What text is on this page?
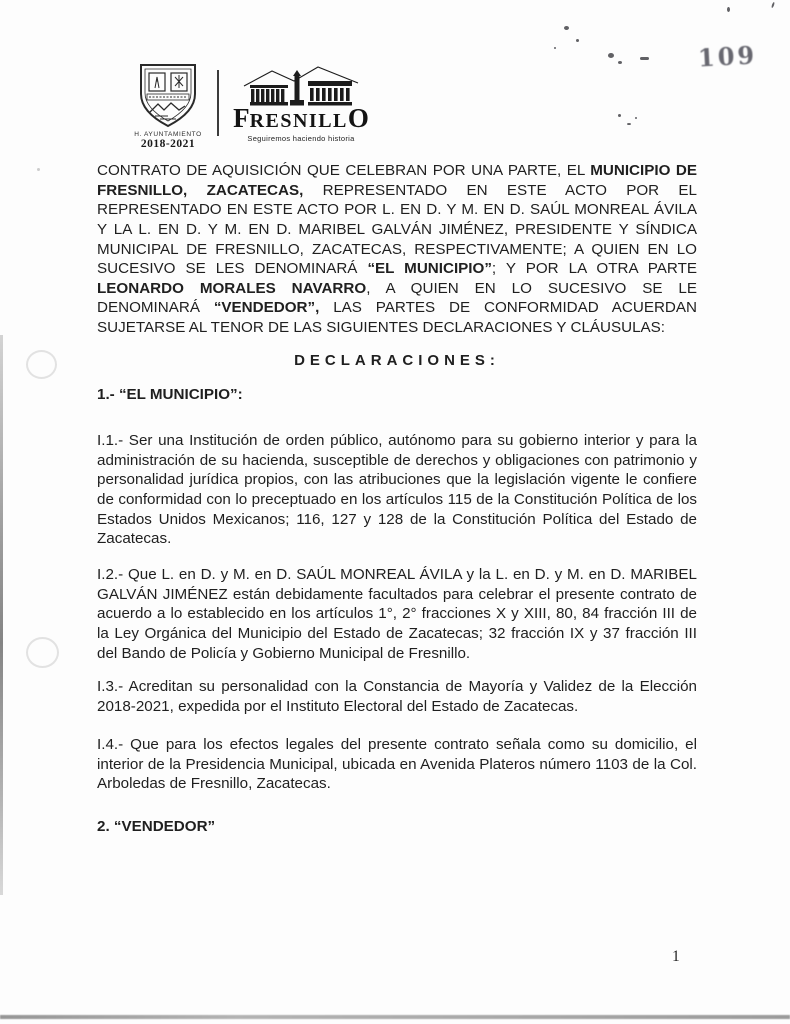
H. AYUNTAMIENTO
2018-2021
FRESNILLO
Seguiremos haciendo historia
109

CONTRATO DE AQUISICIÓN QUE CELEBRAN POR UNA PARTE, EL MUNICIPIO DE FRESNILLO, ZACATECAS, REPRESENTADO EN ESTE ACTO POR EL REPRESENTADO EN ESTE ACTO POR L. EN D. Y M. EN D. SAÚL MONREAL ÁVILA Y LA L. EN D. Y M. EN D. MARIBEL GALVÁN JIMÉNEZ, PRESIDENTE Y SÍNDICA MUNICIPAL DE FRESNILLO, ZACATECAS, RESPECTIVAMENTE; A QUIEN EN LO SUCESIVO SE LES DENOMINARÁ “EL MUNICIPIO”; Y POR LA OTRA PARTE LEONARDO MORALES NAVARRO, A QUIEN EN LO SUCESIVO SE LE DENOMINARÁ “VENDEDOR”, LAS PARTES DE CONFORMIDAD ACUERDAN SUJETARSE AL TENOR DE LAS SIGUIENTES DECLARACIONES Y CLÁUSULAS:

DECLARACIONES:
1.- “EL MUNICIPIO”:

I.1.- Ser una Institución de orden público, autónomo para su gobierno interior y para la administración de su hacienda, susceptible de derechos y obligaciones con patrimonio y personalidad jurídica propios, con las atribuciones que la legislación vigente le confiere de conformidad con lo preceptuado en los artículos 115 de la Constitución Política de los Estados Unidos Mexicanos; 116, 127 y 128 de la Constitución Política del Estado de Zacatecas.

I.2.- Que L. en D. y M. en D. SAÚL MONREAL ÁVILA y la L. en D. y M. en D. MARIBEL GALVÁN JIMÉNEZ están debidamente facultados para celebrar el presente contrato de acuerdo a lo establecido en los artículos 1°, 2° fracciones X y XIII, 80, 84 fracción III de la Ley Orgánica del Municipio del Estado de Zacatecas; 32 fracción IX y 37 fracción III del Bando de Policía y Gobierno Municipal de Fresnillo.

I.3.- Acreditan su personalidad con la Constancia de Mayoría y Validez de la Elección 2018-2021, expedida por el Instituto Electoral del Estado de Zacatecas.

I.4.- Que para los efectos legales del presente contrato señala como su domicilio, el interior de la Presidencia Municipal, ubicada en Avenida Plateros número 1103 de la Col. Arboledas de Fresnillo, Zacatecas.

2. “VENDEDOR”
1
